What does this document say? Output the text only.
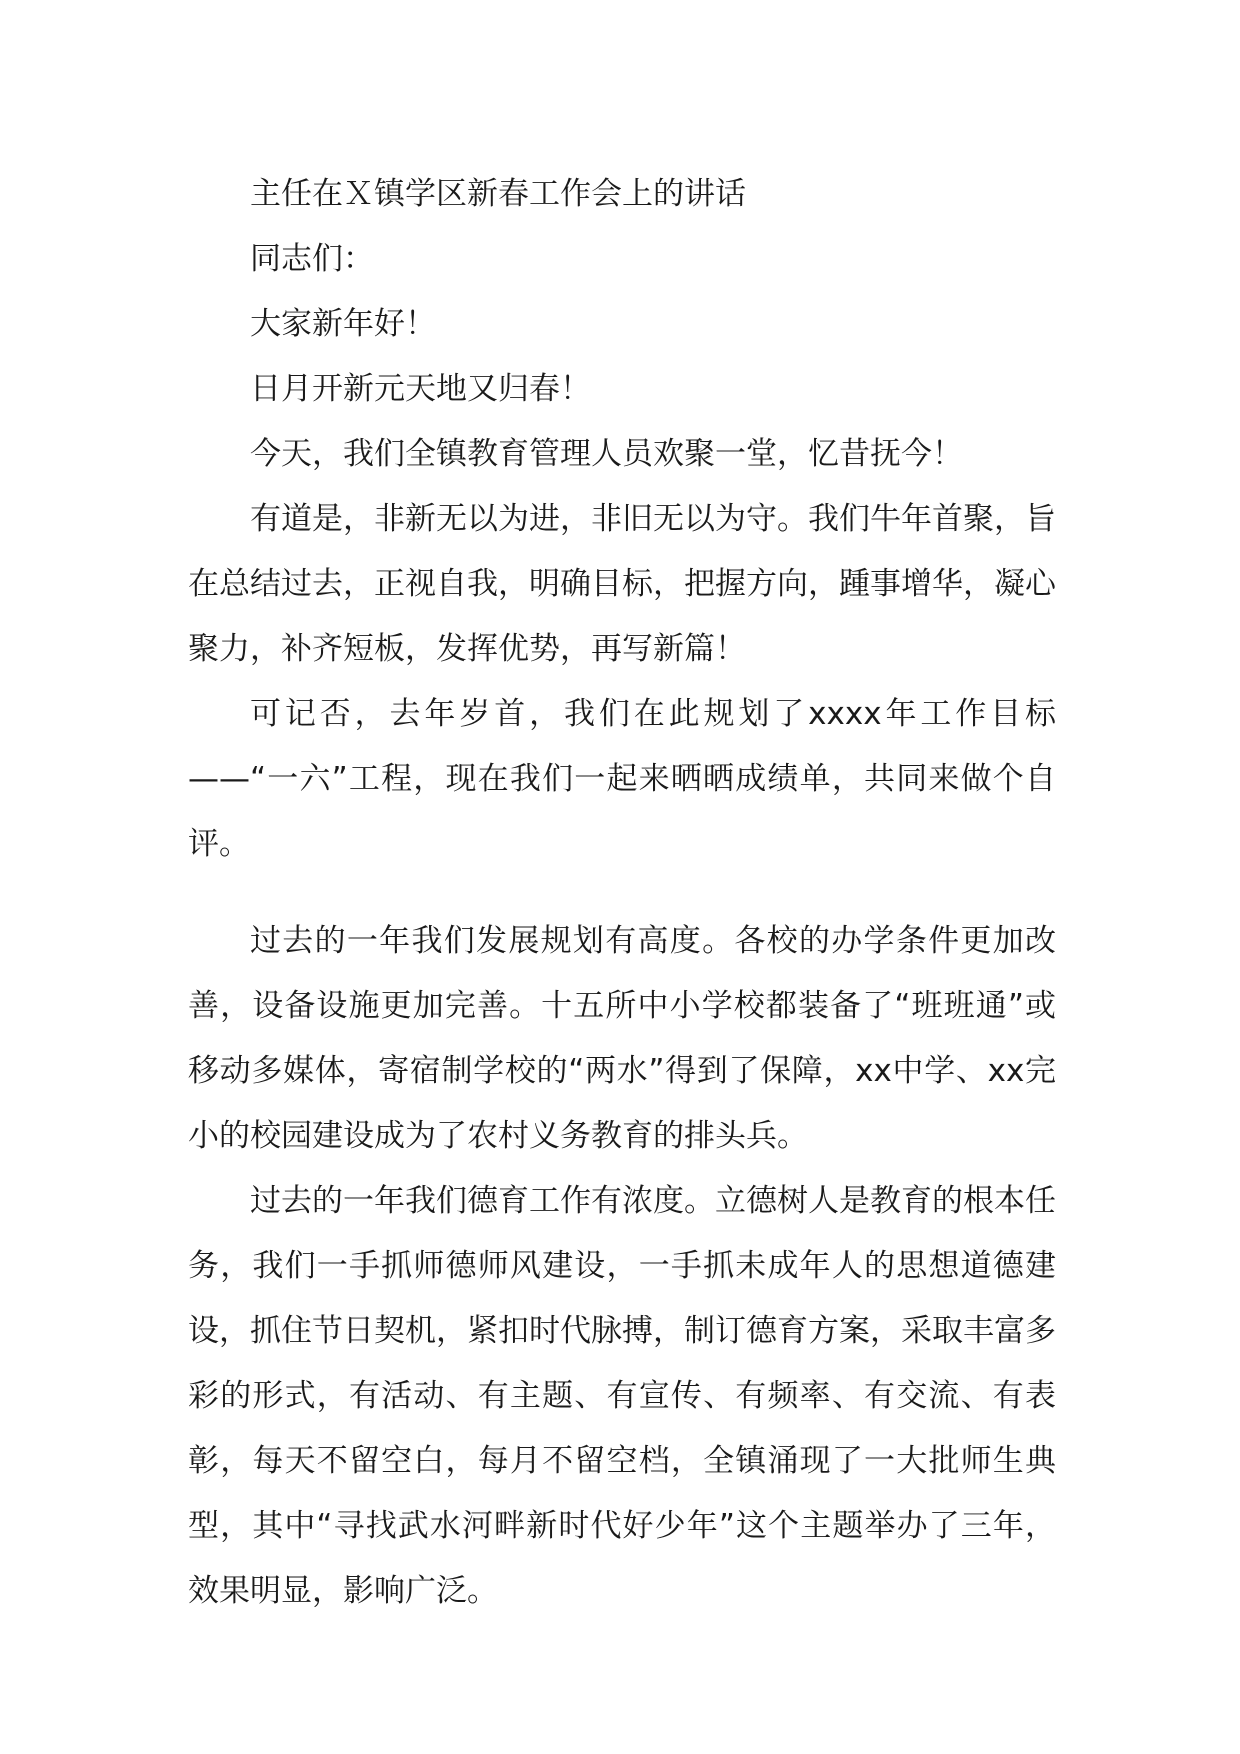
主任在Ｘ镇学区新春工作会上的讲话

同志们：

大家新年好！

日月开新元天地又归春！

今天，我们全镇教育管理人员欢聚一堂，忆昔抚今！

有道是，非新无以为进，非旧无以为守。我们牛年首聚，旨在总结过去，正视自我，明确目标，把握方向，踵事增华，凝心聚力，补齐短板，发挥优势，再写新篇！

可记否，去年岁首，我们在此规划了xxxx年工作目标——“一六”工程，现在我们一起来晒晒成绩单，共同来做个自评。

过去的一年我们发展规划有高度。各校的办学条件更加改善，设备设施更加完善。十五所中小学校都装备了“班班通”或移动多媒体，寄宿制学校的“两水”得到了保障，xx中学、xx完小的校园建设成为了农村义务教育的排头兵。

过去的一年我们德育工作有浓度。立德树人是教育的根本任务，我们一手抓师德师风建设，一手抓未成年人的思想道德建设，抓住节日契机，紧扣时代脉搏，制订德育方案，采取丰富多彩的形式，有活动、有主题、有宣传、有频率、有交流、有表彰，每天不留空白，每月不留空档，全镇涌现了一大批师生典型，其中“寻找武水河畔新时代好少年”这个主题举办了三年，效果明显，影响广泛。
